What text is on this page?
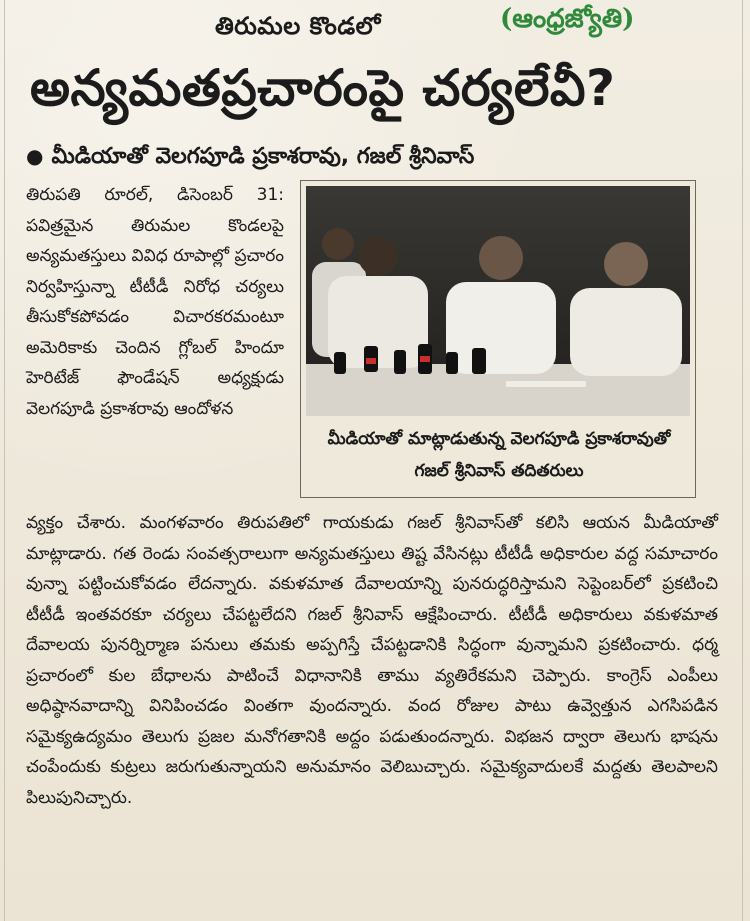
తిరుమల కొండలో	(ఆంధ్రజ్యోతి)
అన్యమతప్రచారంపై చర్యలేవీ?
● మీడియాతో వెలగపూడి ప్రకాశరావు, గజల్ శ్రీనివాస్
తిరుపతి రూరల్, డిసెంబర్ 31: పవిత్రమైన తిరుమల కొండలపై అన్యమతస్తులు వివిధ రూపాల్లో ప్రచారం నిర్వహిస్తున్నా టీటీడీ నిరోధ చర్యలు తీసుకోకపోవడం విచారకరమంటూ అమెరికాకు చెందిన గ్లోబల్ హిందూ హెరిటేజ్ ఫౌండేషన్ అధ్యక్షుడు వెలగపూడి ప్రకాశరావు ఆందోళన
మీడియాతో మాట్లాడుతున్న వెలగపూడి ప్రకాశరావుతో గజల్ శ్రీనివాస్ తదితరులు
వ్యక్తం చేశారు. మంగళవారం తిరుపతిలో గాయకుడు గజల్ శ్రీనివాస్‌తో కలిసి ఆయన మీడియాతో మాట్లాడారు. గత రెండు సంవత్సరాలుగా అన్యమతస్తులు తిష్ట వేసినట్లు టీటీడీ అధికారుల వద్ద సమాచారం వున్నా పట్టించుకోవడం లేదన్నారు. వకుళమాత దేవాలయాన్ని పునరుద్ధరిస్తామని సెప్టెంబర్‌లో ప్రకటించి టీటీడీ ఇంతవరకూ చర్యలు చేపట్టలేదని గజల్ శ్రీనివాస్ ఆక్షేపించారు. టీటీడీ అధికారులు వకుళమాత దేవాలయ పునర్నిర్మాణ పనులు తమకు అప్పగిస్తే చేపట్టడానికి సిద్ధంగా వున్నామని ప్రకటించారు. ధర్మ ప్రచారంలో కుల బేధాలను పాటించే విధానానికి తాము వ్యతిరేకమని చెప్పారు. కాంగ్రెస్ ఎంపీలు అధిష్ఠానవాదాన్ని వినిపించడం వింతగా వుందన్నారు. వంద రోజుల పాటు ఉవ్వెత్తున ఎగసిపడిన సమైక్యఉద్యమం తెలుగు ప్రజల మనోగతానికి అద్దం పడుతుందన్నారు. విభజన ద్వారా తెలుగు భాషను చంపేందుకు కుట్రలు జరుగుతున్నాయని అనుమానం వెలిబుచ్చారు. సమైక్యవాదులకే మద్దతు తెలపాలని పిలుపునిచ్చారు.
